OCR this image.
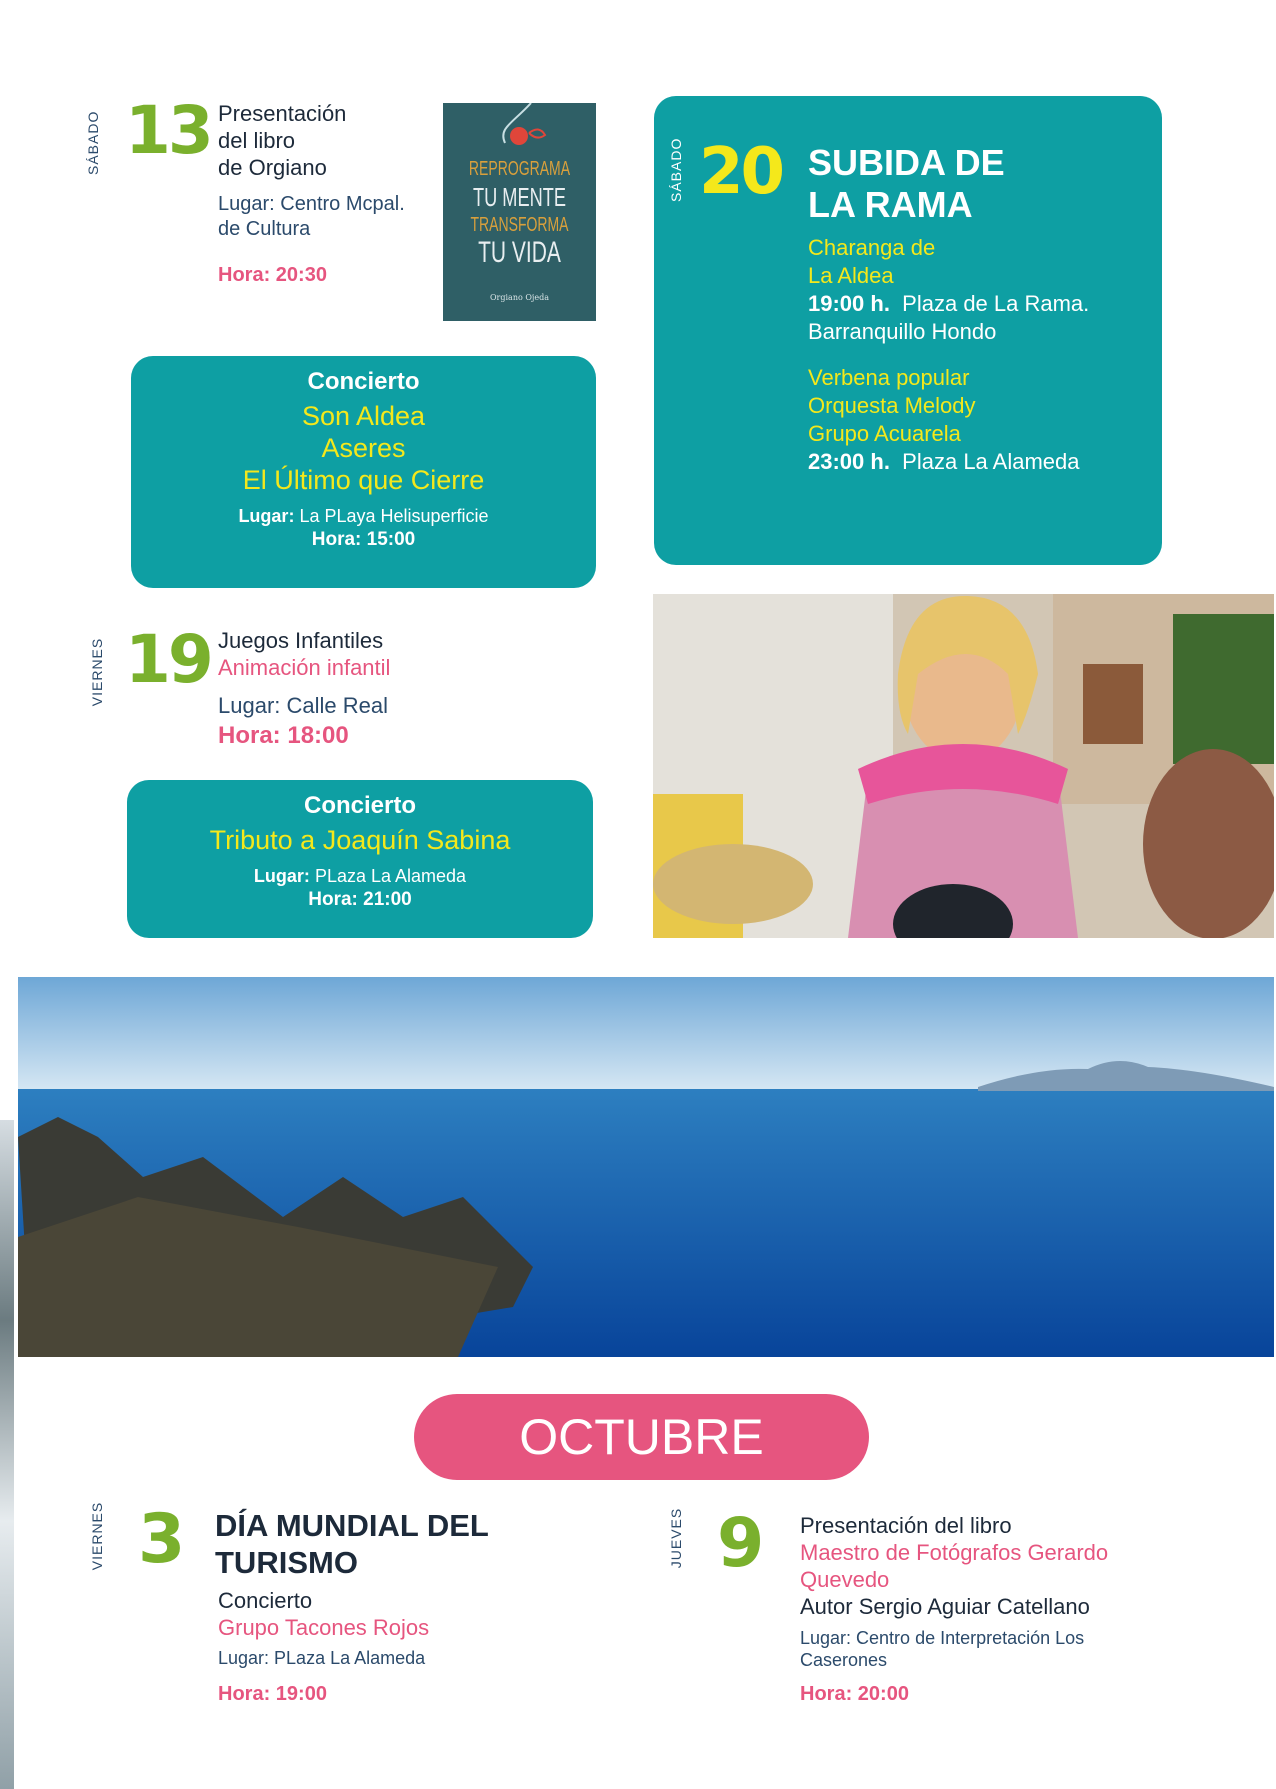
SÁBADO 13 Presentación
del libro
de Orgiano
Lugar: Centro Mcpal.
de Cultura
Hora: 20:30
REPROGRAMA
TU MENTE
TRANSFORMA
TU VIDA
Orgiano Ojeda
Concierto
Son Aldea
Aseres
El Último que Cierre
Lugar: La PLaya Helisuperficie
Hora: 15:00
VIERNES 19 Juegos Infantiles
Animación infantil
Lugar: Calle Real
Hora: 18:00
Concierto
Tributo a Joaquín Sabina
Lugar: PLaza La Alameda
Hora: 21:00
SÁBADO 20 SUBIDA DE
LA RAMA
Charanga de
La Aldea
19:00 h. Plaza de La Rama.
Barranquillo Hondo
Verbena popular
Orquesta Melody
Grupo Acuarela
23:00 h. Plaza La Alameda
OCTUBRE
VIERNES 3 DÍA MUNDIAL DEL
TURISMO
Concierto
Grupo Tacones Rojos
Lugar: PLaza La Alameda
Hora: 19:00
JUEVES 9 Presentación del libro
Maestro de Fotógrafos Gerardo
Quevedo
Autor Sergio Aguiar Catellano
Lugar: Centro de Interpretación Los
Caserones
Hora: 20:00
